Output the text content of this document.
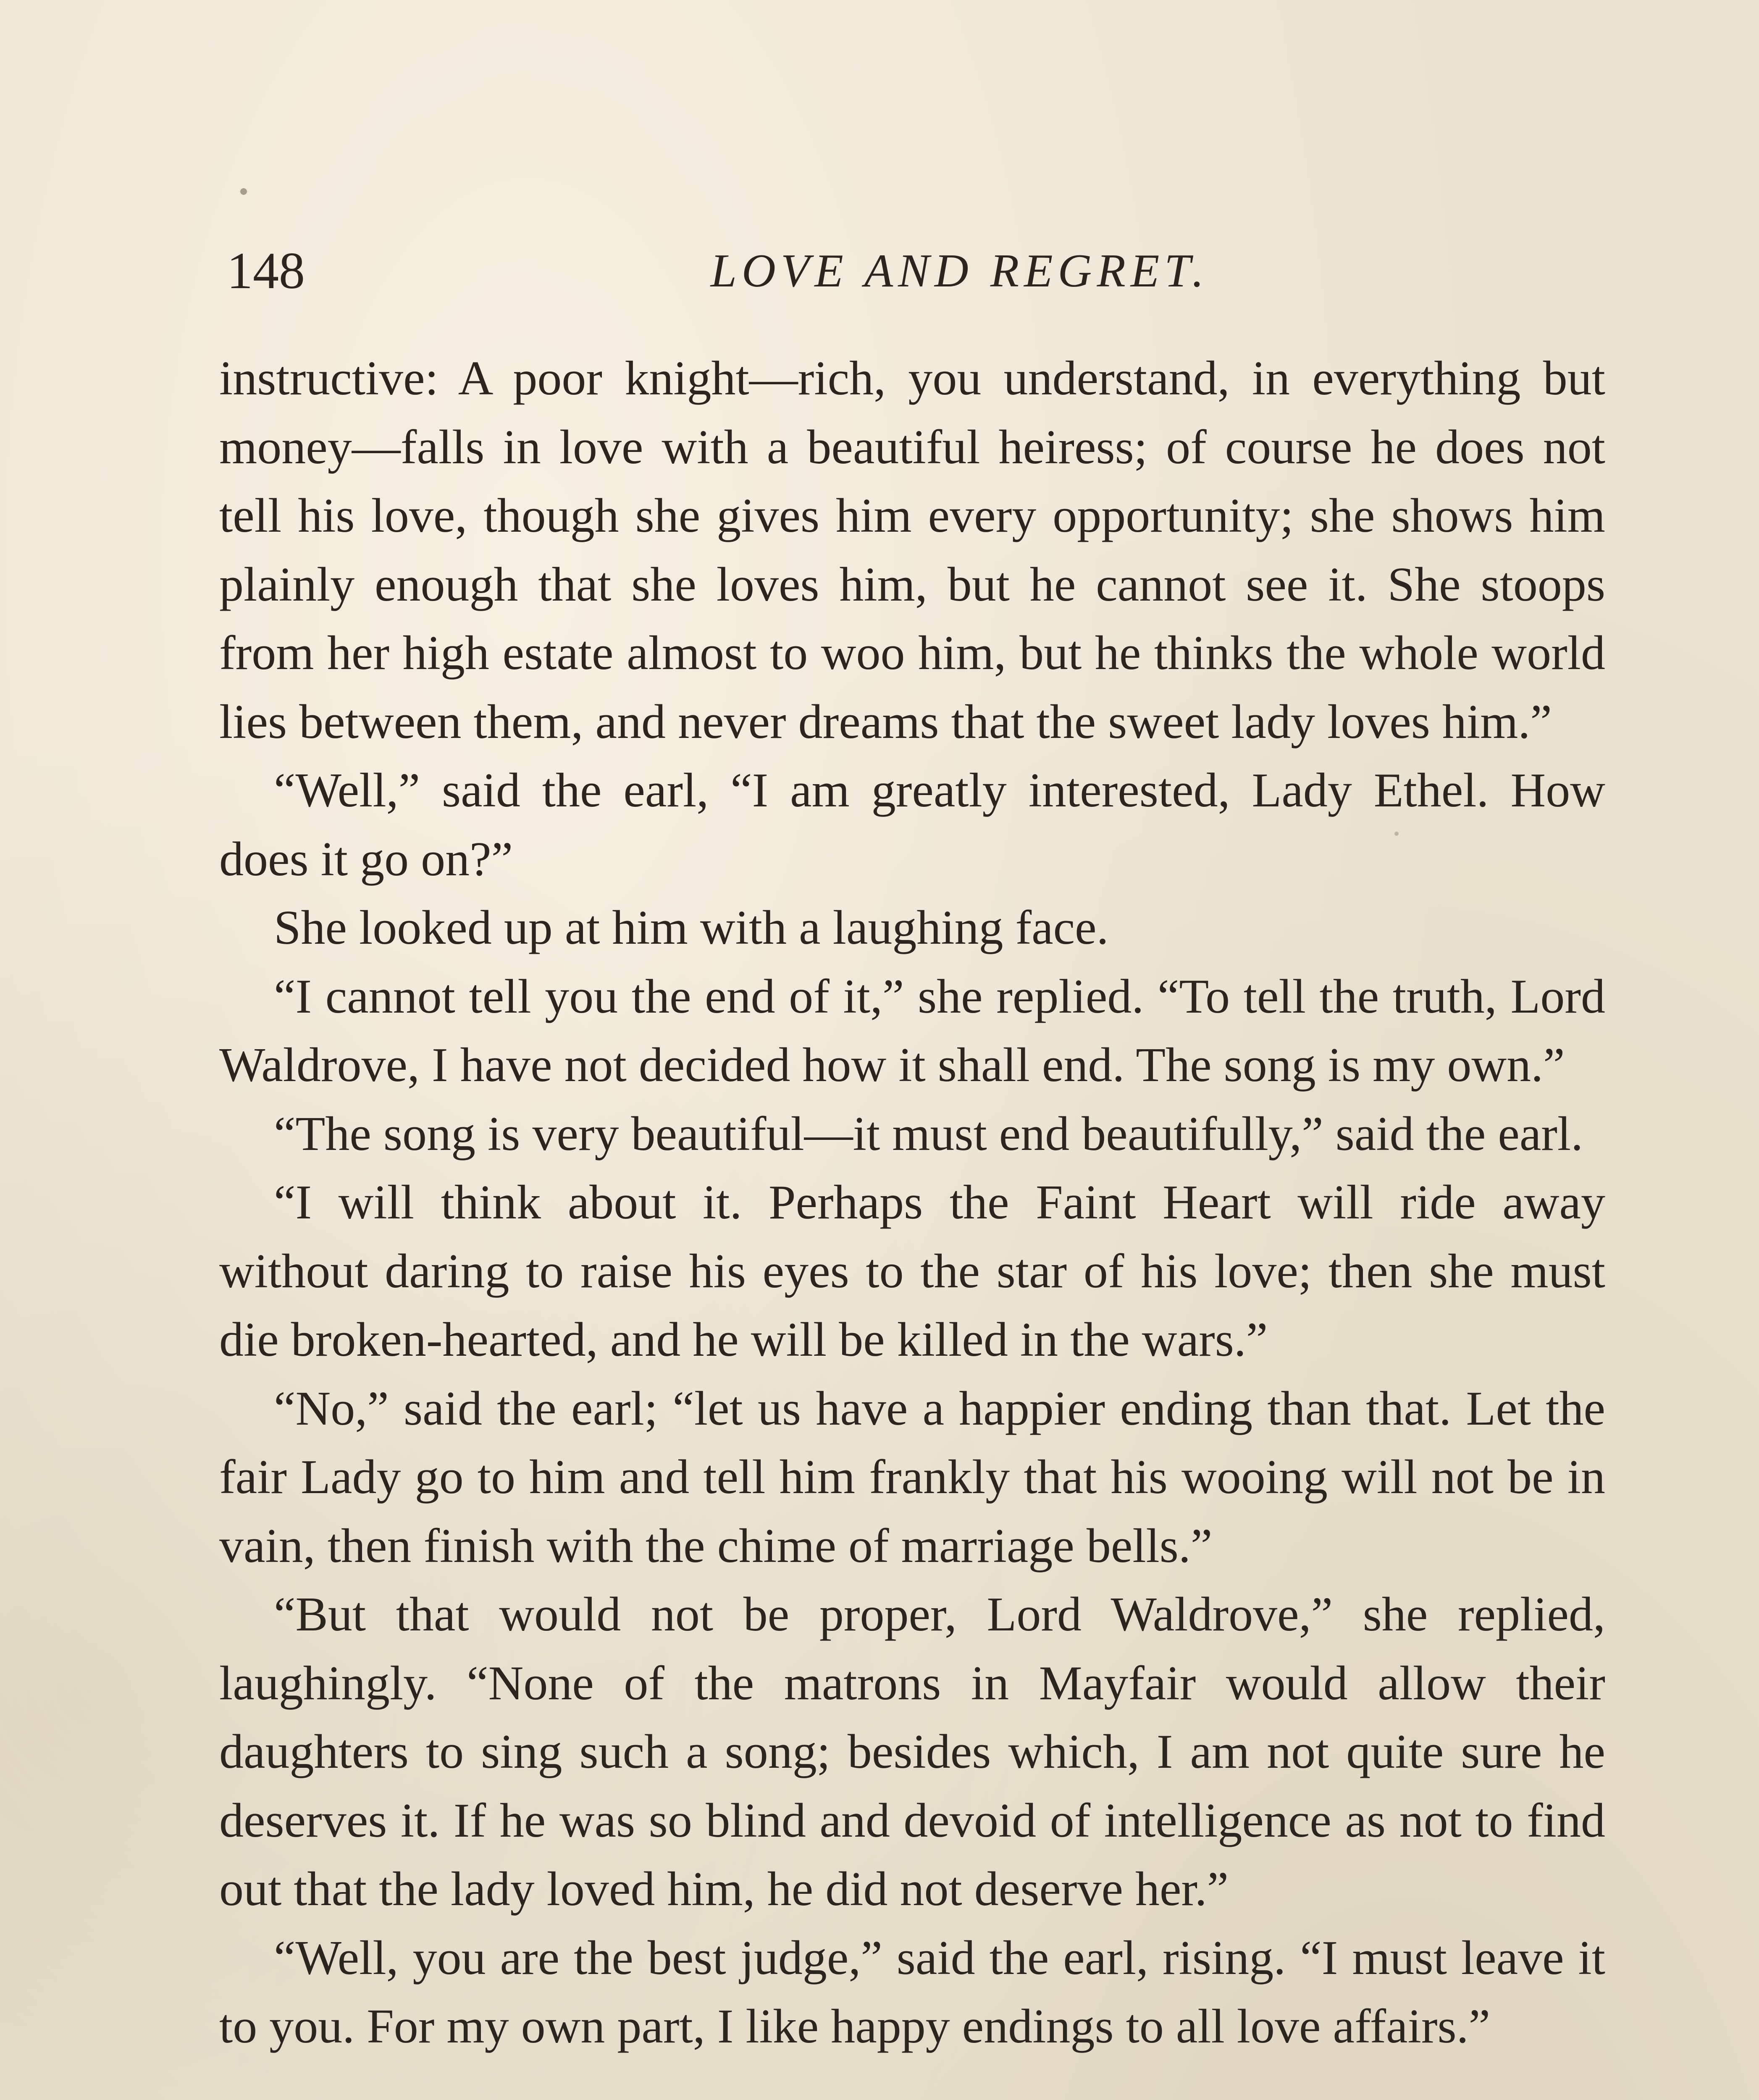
148	LOVE AND REGRET.

instructive: A poor knight—rich, you understand, in everything but money—falls in love with a beautiful heiress; of course he does not tell his love, though she gives him every opportunity; she shows him plainly enough that she loves him, but he cannot see it. She stoops from her high estate almost to woo him, but he thinks the whole world lies between them, and never dreams that the sweet lady loves him.”

“Well,” said the earl, “I am greatly interested, Lady Ethel. How does it go on?”

She looked up at him with a laughing face.

“I cannot tell you the end of it,” she replied. “To tell the truth, Lord Waldrove, I have not decided how it shall end. The song is my own.”

“The song is very beautiful—it must end beautifully,” said the earl.

“I will think about it. Perhaps the Faint Heart will ride away without daring to raise his eyes to the star of his love; then she must die broken-hearted, and he will be killed in the wars.”

“No,” said the earl; “let us have a happier ending than that. Let the fair Lady go to him and tell him frankly that his wooing will not be in vain, then finish with the chime of marriage bells.”

“But that would not be proper, Lord Waldrove,” she replied, laughingly. “None of the matrons in Mayfair would allow their daughters to sing such a song; besides which, I am not quite sure he deserves it. If he was so blind and devoid of intelligence as not to find out that the lady loved him, he did not deserve her.”

“Well, you are the best judge,” said the earl, rising. “I must leave it to you. For my own part, I like happy endings to all love affairs.”
